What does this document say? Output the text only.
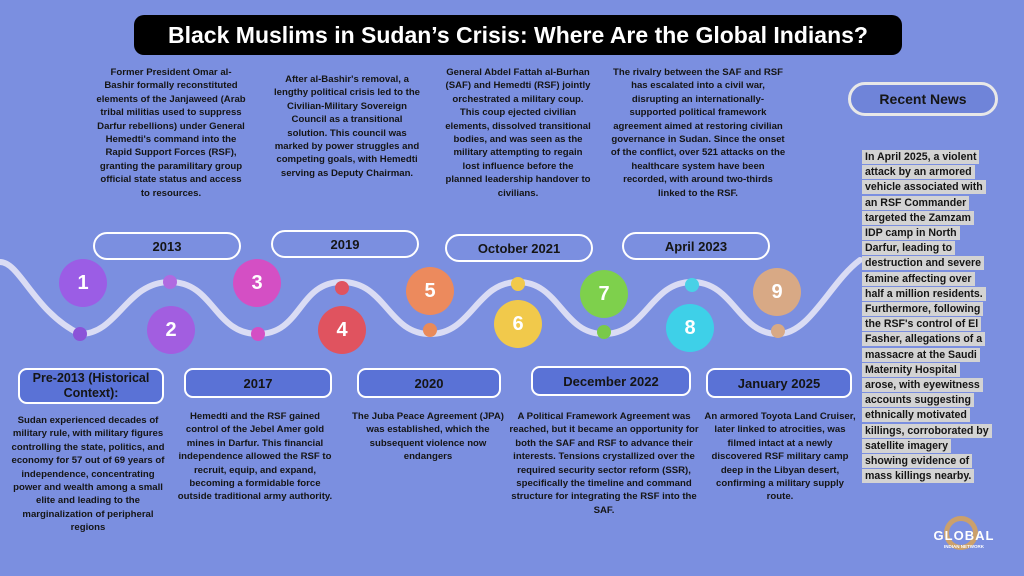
Black Muslims in Sudan’s Crisis: Where Are the Global Indians?
1
2
3
4
5
6
7
8
9
Former President Omar al-Bashir formally reconstituted elements of the Janjaweed (Arab tribal militias used to suppress Darfur rebellions) under General Hemedti's command into the Rapid Support Forces (RSF), granting the paramilitary group official state status and access to resources.
After al-Bashir's removal, a lengthy political crisis led to the Civilian-Military Sovereign Council as a transitional solution. This council was marked by power struggles and competing goals, with Hemedti serving as Deputy Chairman.
General Abdel Fattah al-Burhan (SAF) and Hemedti (RSF) jointly orchestrated a military coup. This coup ejected civilian elements, dissolved transitional bodies, and was seen as the military attempting to regain lost influence before the planned leadership handover to civilians.
The rivalry between the SAF and RSF has escalated into a civil war, disrupting an internationally-supported political framework agreement aimed at restoring civilian governance in Sudan. Since the onset of the conflict, over 521 attacks on the healthcare system have been recorded, with around two-thirds linked to the RSF.
2013	2019	October 2021	April 2023
Pre-2013 (Historical Context):
2017	2020	December 2022	January 2025
Sudan experienced decades of military rule, with military figures controlling the state, politics, and economy for 57 out of 69 years of independence, concentrating power and wealth among a small elite and leading to the marginalization of peripheral regions
Hemedti and the RSF gained control of the Jebel Amer gold mines in Darfur. This financial independence allowed the RSF to recruit, equip, and expand, becoming a formidable force outside traditional army authority.
The Juba Peace Agreement (JPA) was established, which the subsequent violence now endangers
A Political Framework Agreement was reached, but it became an opportunity for both the SAF and RSF to advance their interests. Tensions crystallized over the required security sector reform (SSR), specifically the timeline and command structure for integrating the RSF into the SAF.
An armored Toyota Land Cruiser, later linked to atrocities, was filmed intact at a newly discovered RSF military camp deep in the Libyan desert, confirming a military supply route.
Recent News
In April 2025, a violent attack by an armored vehicle associated with an RSF Commander targeted the Zamzam IDP camp in North Darfur, leading to destruction and severe famine affecting over half a million residents. Furthermore, following the RSF's control of El Fasher, allegations of a massacre at the Saudi Maternity Hospital arose, with eyewitness accounts suggesting ethnically motivated killings, corroborated by satellite imagery showing evidence of mass killings nearby.
GLOBAL
INDIAN NETWORK
